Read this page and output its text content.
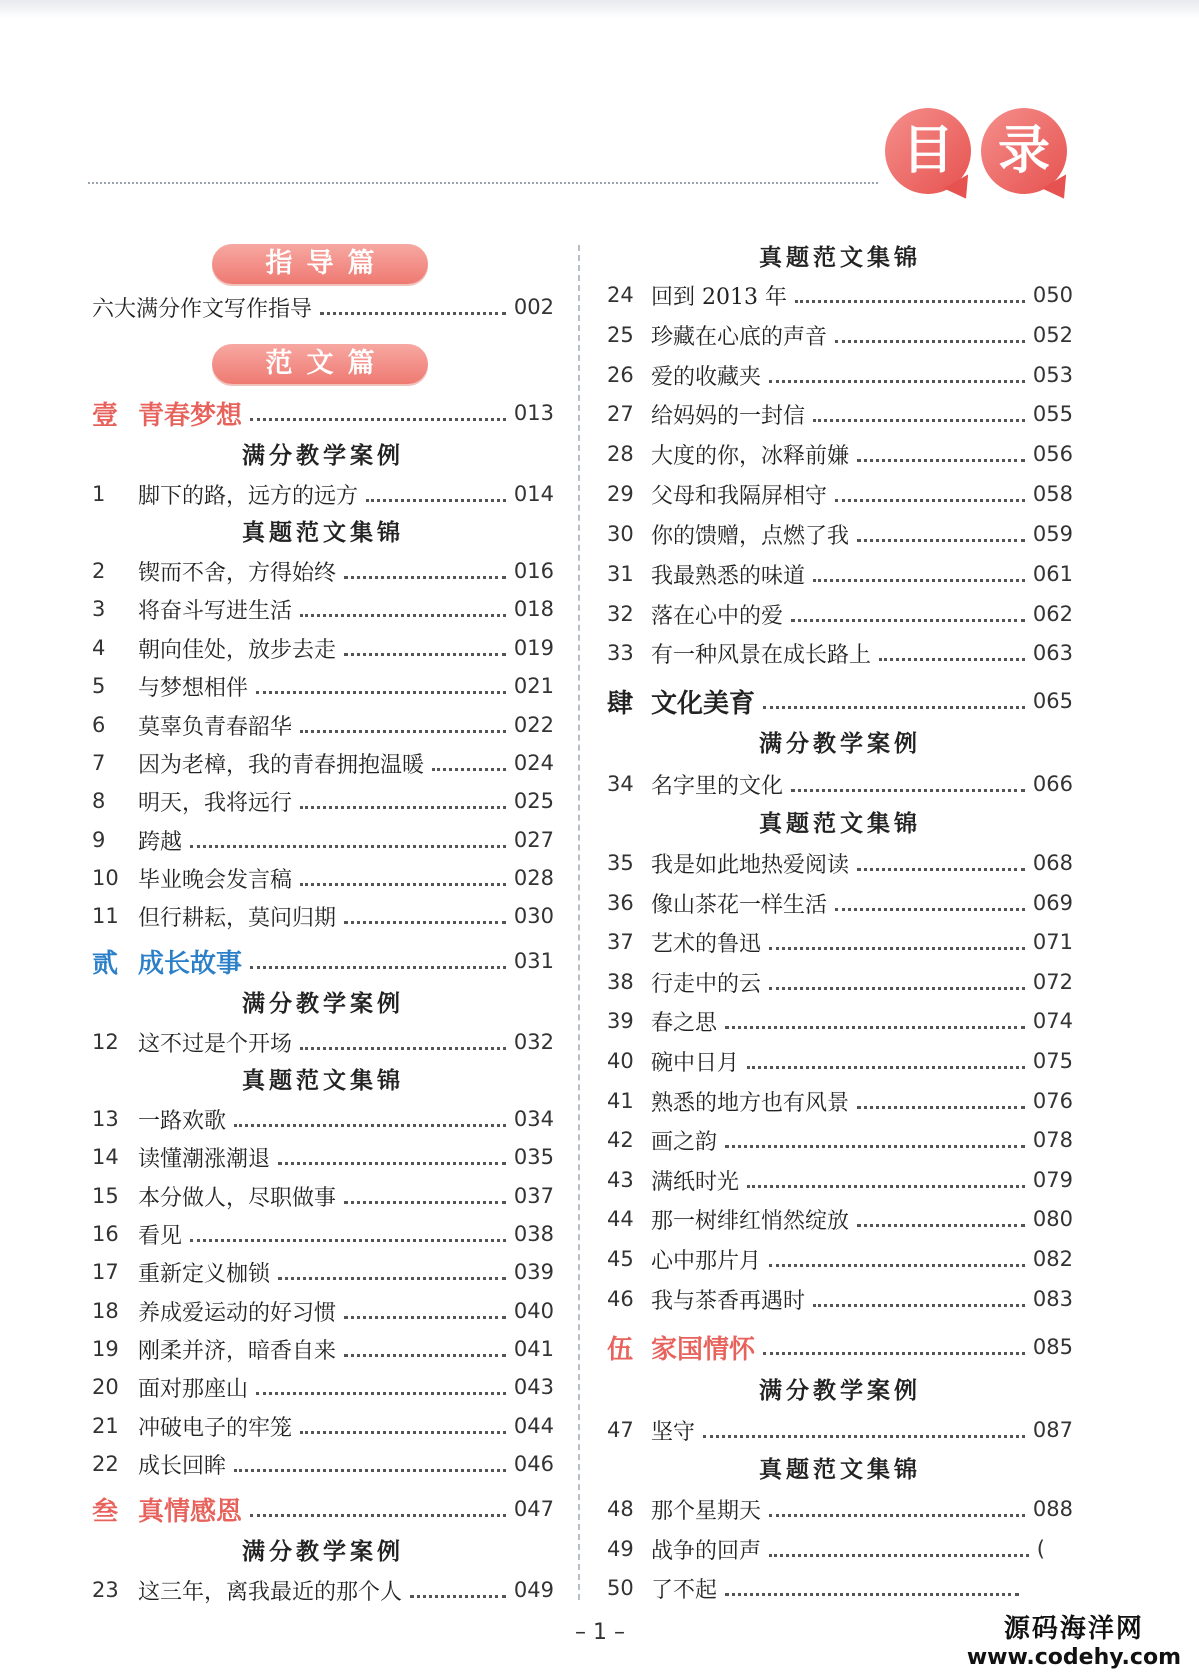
目 录
指导篇
六大满分作文写作指导	002
范文篇
壹 青春梦想	013
满分教学案例
1	脚下的路，远方的远方	014
真题范文集锦
2	锲而不舍，方得始终	016
3	将奋斗写进生活	018
4	朝向佳处，放步去走	019
5	与梦想相伴	021
6	莫辜负青春韶华	022
7	因为老樟，我的青春拥抱温暖	024
8	明天，我将远行	025
9	跨越	027
10 毕业晚会发言稿	028
11 但行耕耘，莫问归期	030
贰 成长故事	031
满分教学案例
12 这不过是个开场	032
真题范文集锦
13 一路欢歌	034
14 读懂潮涨潮退	035
15 本分做人，尽职做事	037
16 看见	038
17 重新定义枷锁	039
18 养成爱运动的好习惯	040
19 刚柔并济，暗香自来	041
20 面对那座山	043
21 冲破电子的牢笼	044
22 成长回眸	046
叁 真情感恩	047
满分教学案例
23 这三年，离我最近的那个人	049
真题范文集锦
24 回到 2013 年	050
25 珍藏在心底的声音	052
26 爱的收藏夹	053
27 给妈妈的一封信	055
28 大度的你，冰释前嫌	056
29 父母和我隔屏相守	058
30 你的馈赠，点燃了我	059
31 我最熟悉的味道	061
32 落在心中的爱	062
33 有一种风景在成长路上	063
肆 文化美育	065
满分教学案例
34 名字里的文化	066
真题范文集锦
35 我是如此地热爱阅读	068
36 像山茶花一样生活	069
37 艺术的鲁迅	071
38 行走中的云	072
39 春之思	074
40 碗中日月	075
41 熟悉的地方也有风景	076
42 画之韵	078
43 满纸时光	079
44 那一树绯红悄然绽放	080
45 心中那片月	082
46 我与茶香再遇时	083
伍 家国情怀	085
满分教学案例
47 坚守	087
真题范文集锦
48 那个星期天	088
49 战争的回声	(
50 了不起
– 1 –	源码海洋网
www.codehy.com
